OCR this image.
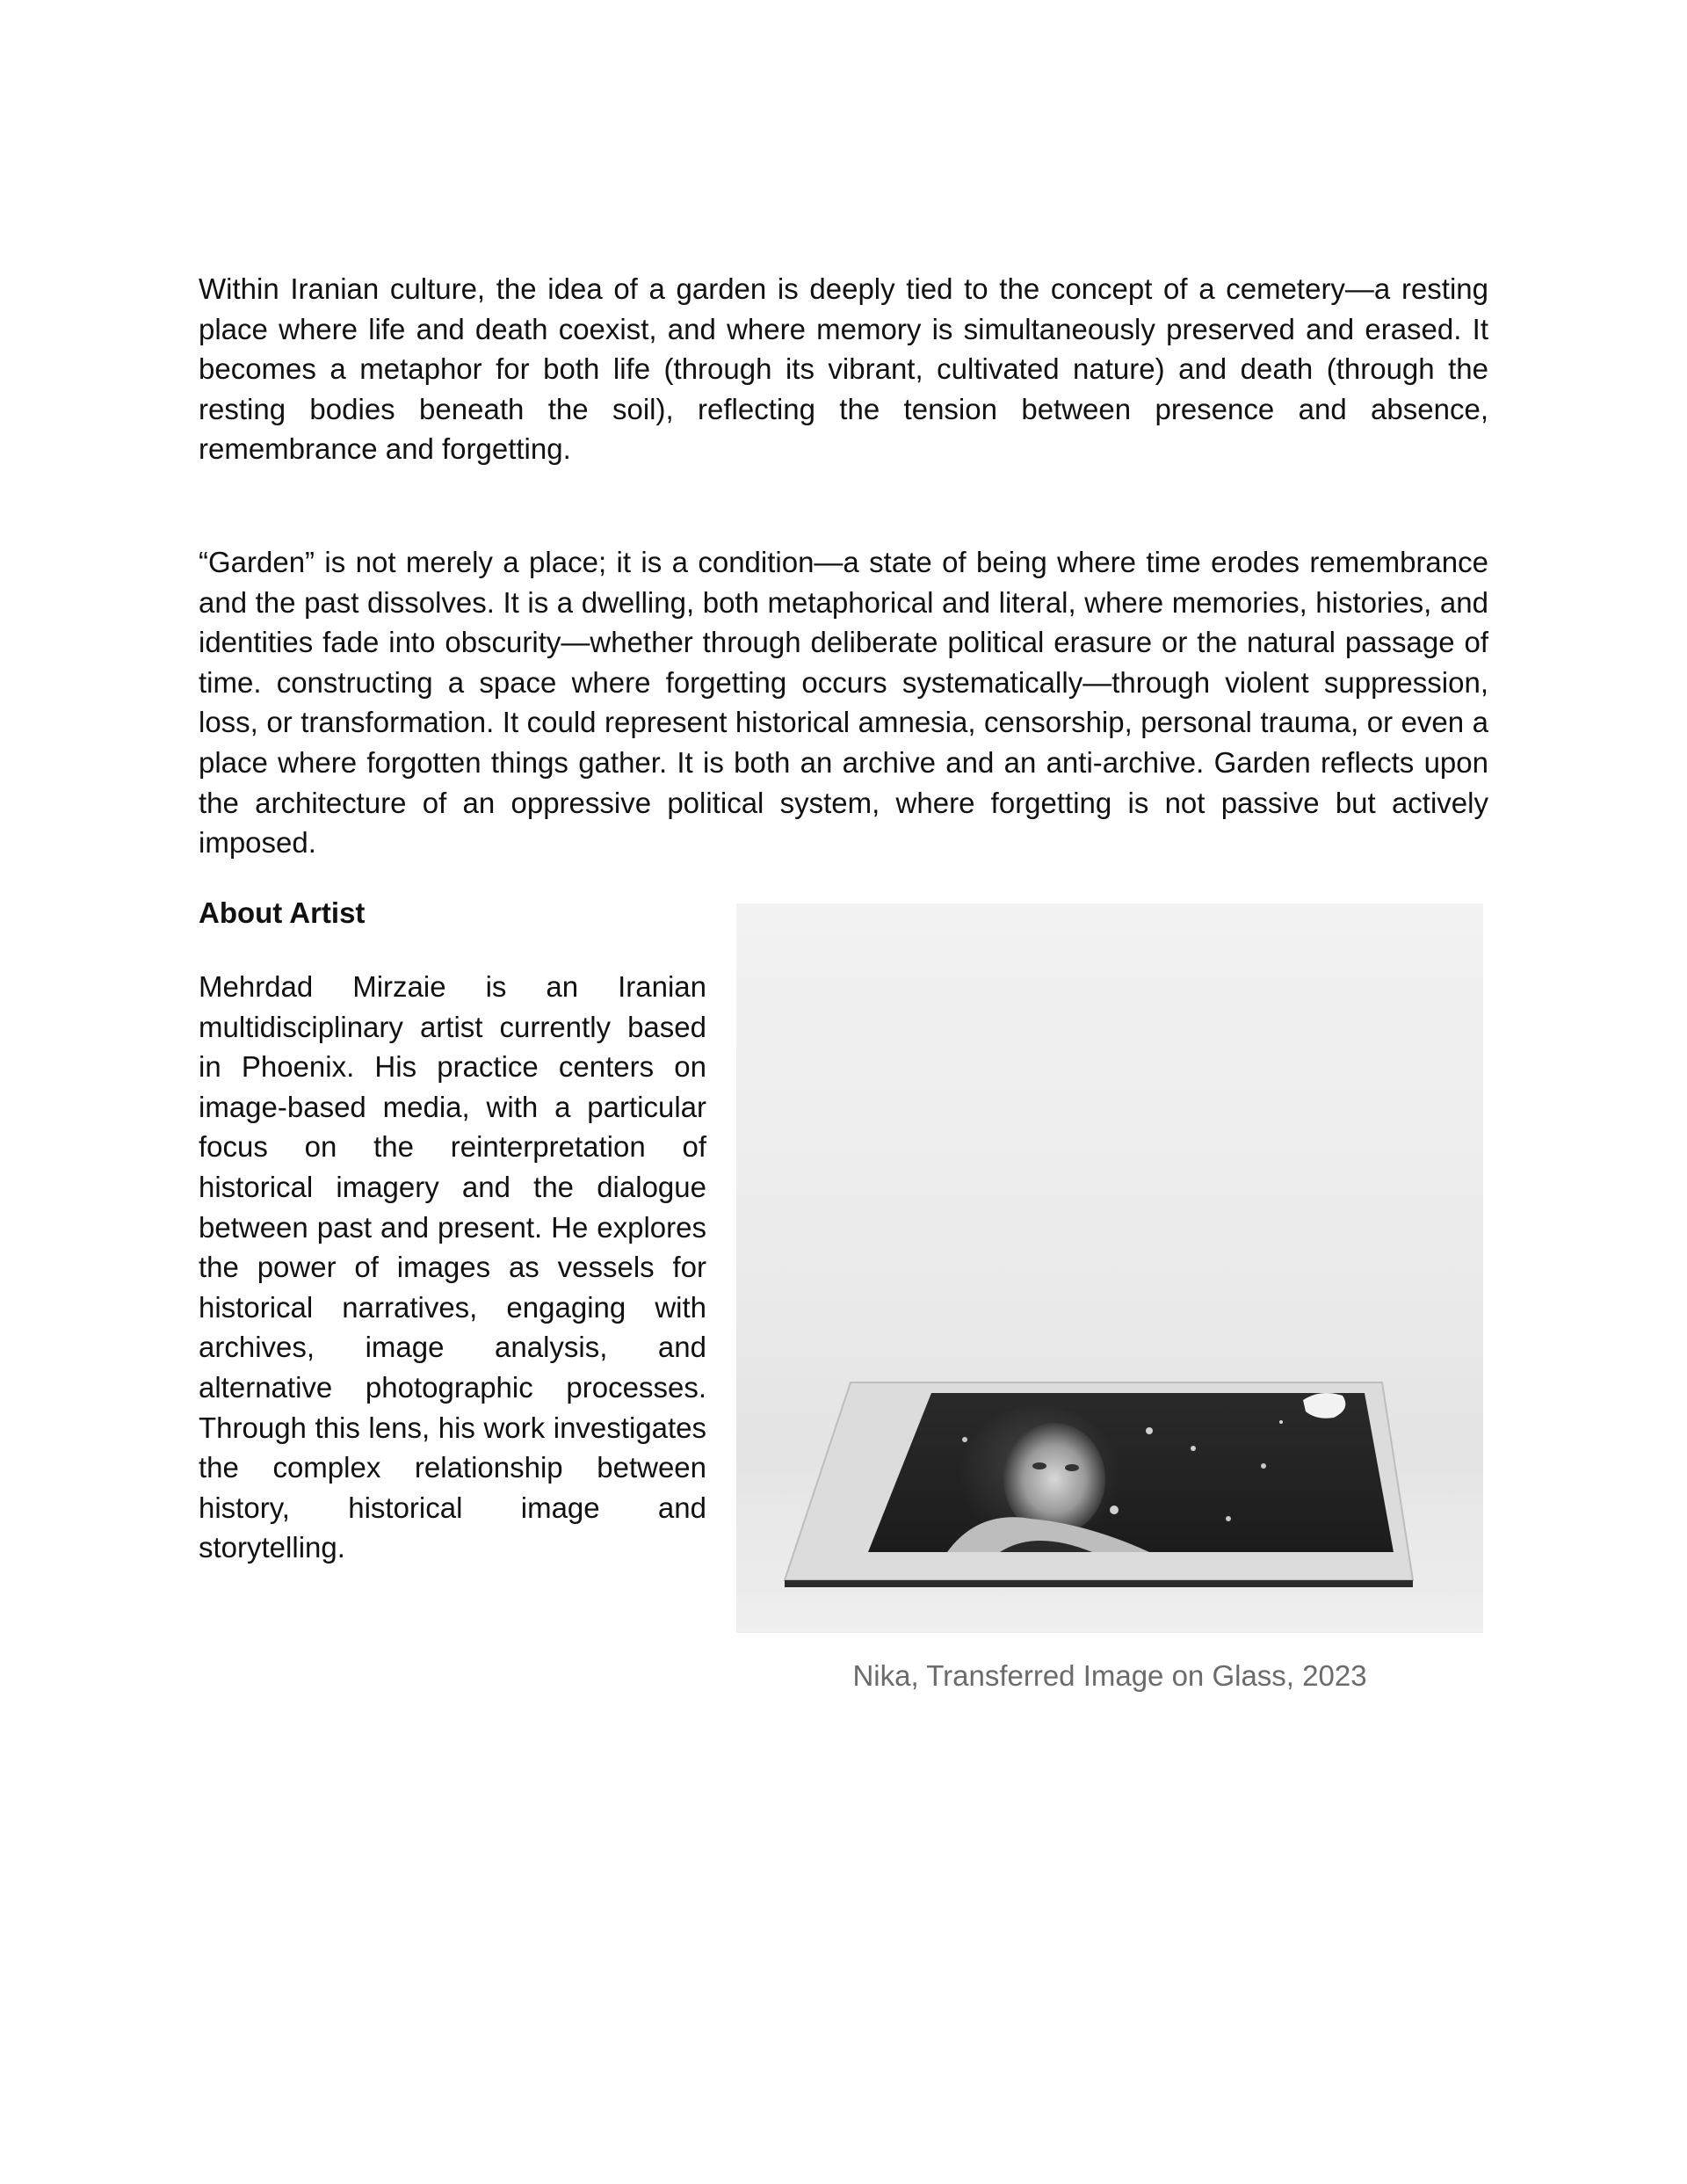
Within Iranian culture, the idea of a garden is deeply tied to the concept of a cemetery—a resting place where life and death coexist, and where memory is simultaneously preserved and erased. It becomes a metaphor for both life (through its vibrant, cultivated nature) and death (through the resting bodies beneath the soil), reflecting the tension between presence and absence, remembrance and forgetting.

“Garden” is not merely a place; it is a condition—a state of being where time erodes remembrance and the past dissolves. It is a dwelling, both metaphorical and literal, where memories, histories, and identities fade into obscurity—whether through deliberate political erasure or the natural passage of time. constructing a space where forgetting occurs systematically—through violent suppression, loss, or transformation. It could represent historical amnesia, censorship, personal trauma, or even a place where forgotten things gather. It is both an archive and an anti-archive. Garden reflects upon the architecture of an oppressive political system, where forgetting is not passive but actively imposed.

About Artist

Mehrdad Mirzaie is an Iranian multidisciplinary artist currently based in Phoenix. His practice centers on image-based media, with a particular focus on the reinterpretation of historical imagery and the dialogue between past and present. He explores the power of images as vessels for historical narratives, engaging with archives, image analysis, and alternative photographic processes. Through this lens, his work investigates the complex relationship between history, historical image and storytelling.

Nika, Transferred Image on Glass, 2023
